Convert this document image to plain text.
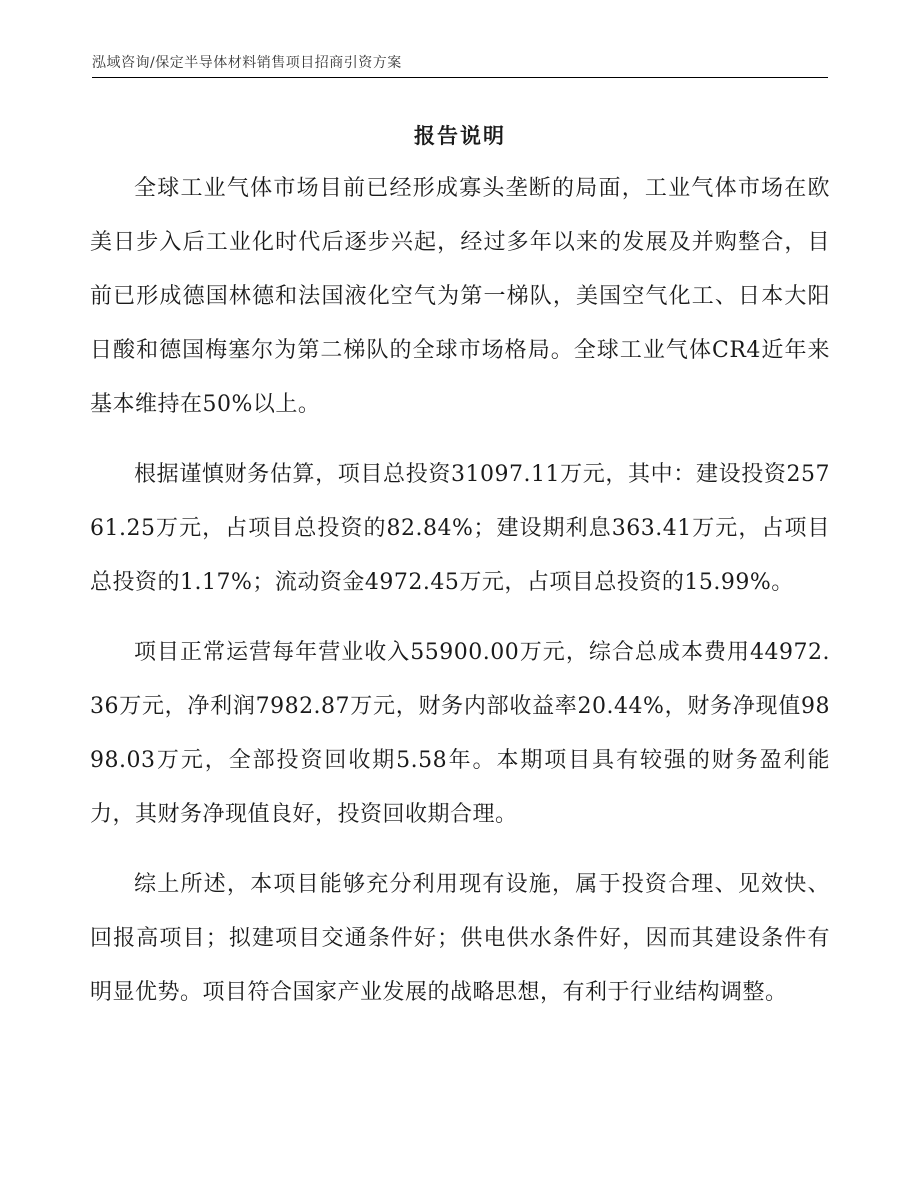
泓域咨询/保定半导体材料销售项目招商引资方案
报告说明

全球工业气体市场目前已经形成寡头垄断的局面，工业气体市场在欧美日步入后工业化时代后逐步兴起，经过多年以来的发展及并购整合，目前已形成德国林德和法国液化空气为第一梯队，美国空气化工、日本大阳日酸和德国梅塞尔为第二梯队的全球市场格局。全球工业气体CR4近年来基本维持在50%以上。

根据谨慎财务估算，项目总投资31097.11万元，其中：建设投资25761.25万元，占项目总投资的82.84%；建设期利息363.41万元，占项目总投资的1.17%；流动资金4972.45万元，占项目总投资的15.99%。

项目正常运营每年营业收入55900.00万元，综合总成本费用44972.36万元，净利润7982.87万元，财务内部收益率20.44%，财务净现值9898.03万元，全部投资回收期5.58年。本期项目具有较强的财务盈利能力，其财务净现值良好，投资回收期合理。

综上所述，本项目能够充分利用现有设施，属于投资合理、见效快、回报高项目；拟建项目交通条件好；供电供水条件好，因而其建设条件有明显优势。项目符合国家产业发展的战略思想，有利于行业结构调整。
